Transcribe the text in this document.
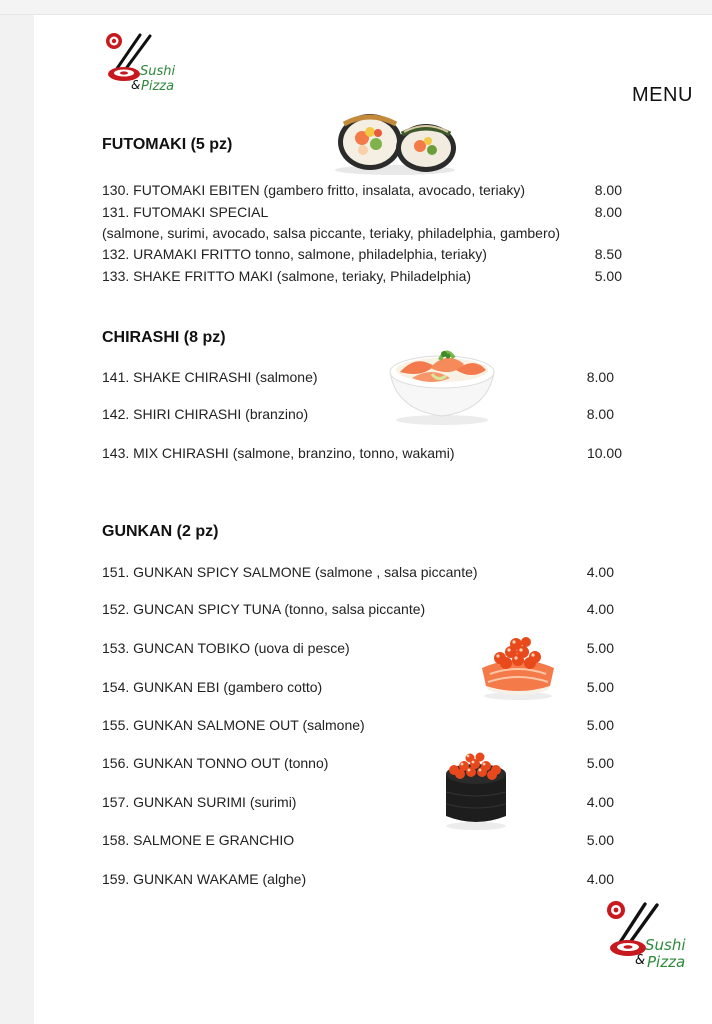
Sushi
& Pizza	MENU
FUTOMAKI (5 pz)
130. FUTOMAKI EBITEN (gambero fritto, insalata, avocado, teriaky)	8.00
131. FUTOMAKI SPECIAL	8.00
(salmone, surimi, avocado, salsa piccante, teriaky, philadelphia, gambero)
132. URAMAKI FRITTO tonno, salmone, philadelphia, teriaky)	8.50
133. SHAKE FRITTO MAKI (salmone, teriaky, Philadelphia)	5.00
CHIRASHI (8 pz)
141. SHAKE CHIRASHI (salmone)	8.00
142. SHIRI CHIRASHI (branzino)	8.00
143. MIX CHIRASHI (salmone, branzino, tonno, wakami)	10.00
GUNKAN (2 pz)
151. GUNKAN SPICY SALMONE (salmone , salsa piccante)	4.00
152. GUNCAN SPICY TUNA (tonno, salsa piccante)	4.00
153. GUNCAN TOBIKO (uova di pesce)	5.00
154. GUNKAN EBI (gambero cotto)	5.00
155. GUNKAN SALMONE OUT (salmone)	5.00
156. GUNKAN TONNO OUT (tonno)	5.00
157. GUNKAN SURIMI (surimi)	4.00
158. SALMONE E GRANCHIO	5.00
159. GUNKAN WAKAME (alghe)	4.00
Sushi
& Pizza
